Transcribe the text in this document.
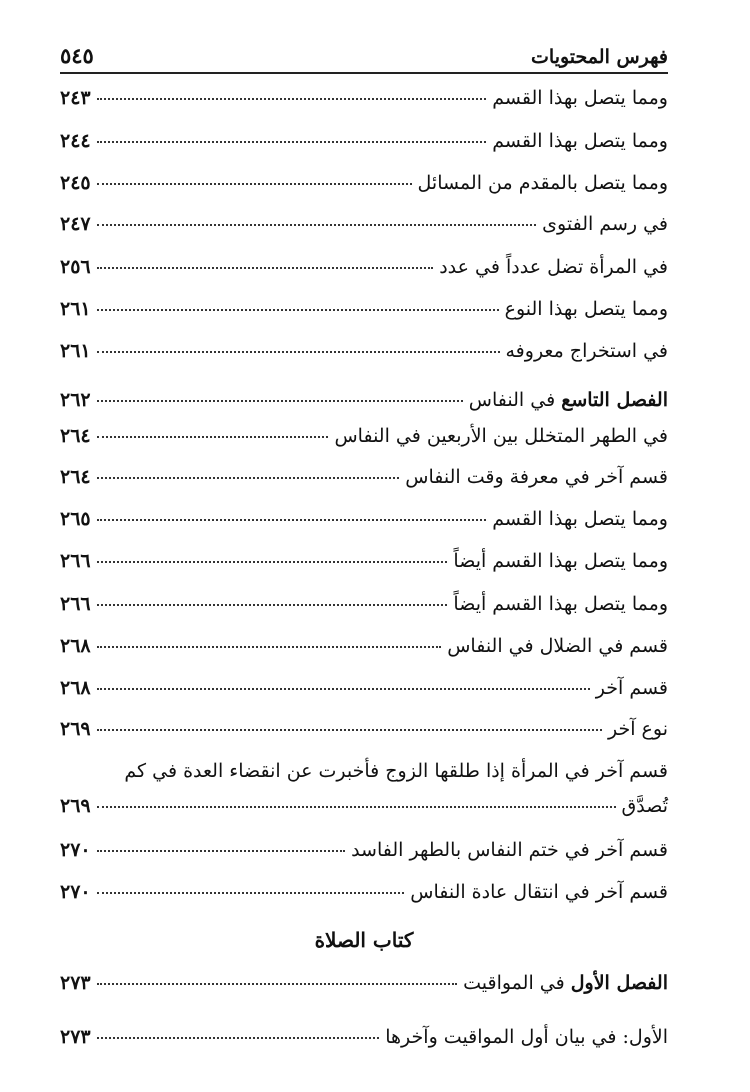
فهرس المحتويات
٥٤٥
ومما يتصل بهذا القسم
٢٤٣
ومما يتصل بهذا القسم
٢٤٤
ومما يتصل بالمقدم من المسائل
٢٤٥
في رسم الفتوى
٢٤٧
في المرأة تضل عدداً في عدد
٢٥٦
ومما يتصل بهذا النوع
٢٦١
في استخراج معروفه
٢٦١
الفصل التاسع في النفاس
٢٦٢
في الطهر المتخلل بين الأربعين في النفاس
٢٦٤
قسم آخر في معرفة وقت النفاس
٢٦٤
ومما يتصل بهذا القسم
٢٦٥
ومما يتصل بهذا القسم أيضاً
٢٦٦
ومما يتصل بهذا القسم أيضاً
٢٦٦
قسم في الضلال في النفاس
٢٦٨
قسم آخر
٢٦٨
نوع آخر
٢٦٩
قسم آخر في المرأة إذا طلقها الزوج فأخبرت عن انقضاء العدة في كم
تُصدَّق
٢٦٩
قسم آخر في ختم النفاس بالطهر الفاسد
٢٧٠
قسم آخر في انتقال عادة النفاس
٢٧٠
كتاب الصلاة
الفصل الأول في المواقيت
٢٧٣
الأول: في بيان أول المواقيت وآخرها
٢٧٣
